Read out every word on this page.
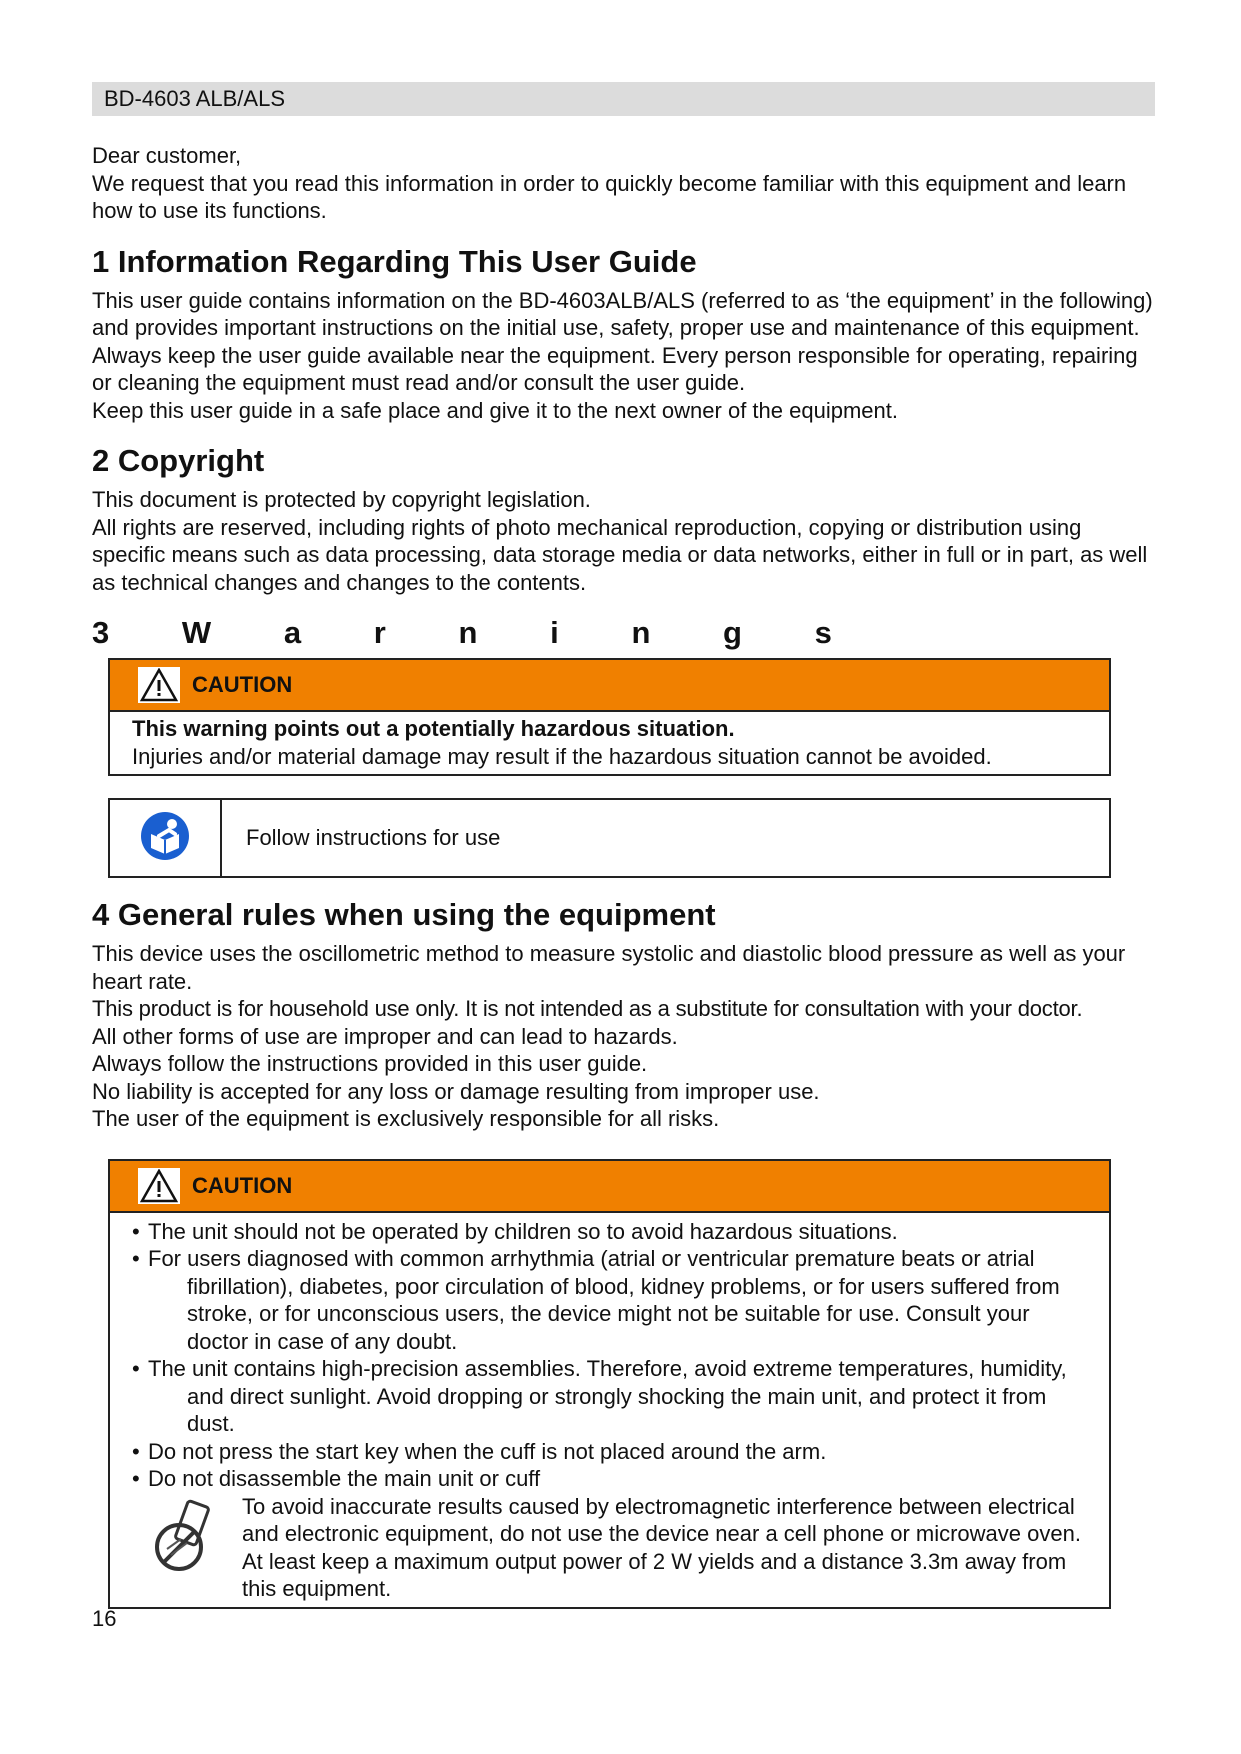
BD-4603 ALB/ALS

Dear customer,

We request that you read this information in order to quickly become familiar with this equipment and learn how to use its functions.

1 Information Regarding This User Guide

This user guide contains information on the BD-4603ALB/ALS (referred to as ‘the equipment’ in the following) and provides important instructions on the initial use, safety, proper use and maintenance of this equipment. Always keep the user guide available near the equipment. Every person responsible for operating, repairing or cleaning the equipment must read and/or consult the user guide.

Keep this user guide in a safe place and give it to the next owner of the equipment.

2 Copyright

This document is protected by copyright legislation.

All rights are reserved, including rights of photo mechanical reproduction, copying or distribution using specific means such as data processing, data storage media or data networks, either in full or in part, as well as technical changes and changes to the contents.

3 W a r n i n g s
CAUTION

This warning points out a potentially hazardous situation.

Injuries and/or material damage may result if the hazardous situation cannot be avoided.

Follow instructions for use
4 General rules when using the equipment

This device uses the oscillometric method to measure systolic and diastolic blood pressure as well as your heart rate.

This product is for household use only. It is not intended as a substitute for consultation with your doctor.

All other forms of use are improper and can lead to hazards.

Always follow the instructions provided in this user guide.

No liability is accepted for any loss or damage resulting from improper use.

The user of the equipment is exclusively responsible for all risks.

CAUTION
• The unit should not be operated by children so to avoid hazardous situations.
• For users diagnosed with common arrhythmia (atrial or ventricular premature beats or atrial fibrillation), diabetes, poor circulation of blood, kidney problems, or for users suffered from stroke, or for unconscious users, the device might not be suitable for use. Consult your doctor in case of any doubt.
• The unit contains high-precision assemblies. Therefore, avoid extreme temperatures, humidity, and direct sunlight. Avoid dropping or strongly shocking the main unit, and protect it from dust.
• Do not press the start key when the cuff is not placed around the arm.
• Do not disassemble the main unit or cuff

To avoid inaccurate results caused by electromagnetic interference between electrical and electronic equipment, do not use the device near a cell phone or microwave oven. At least keep a maximum output power of 2 W yields and a distance 3.3m away from this equipment.

16
